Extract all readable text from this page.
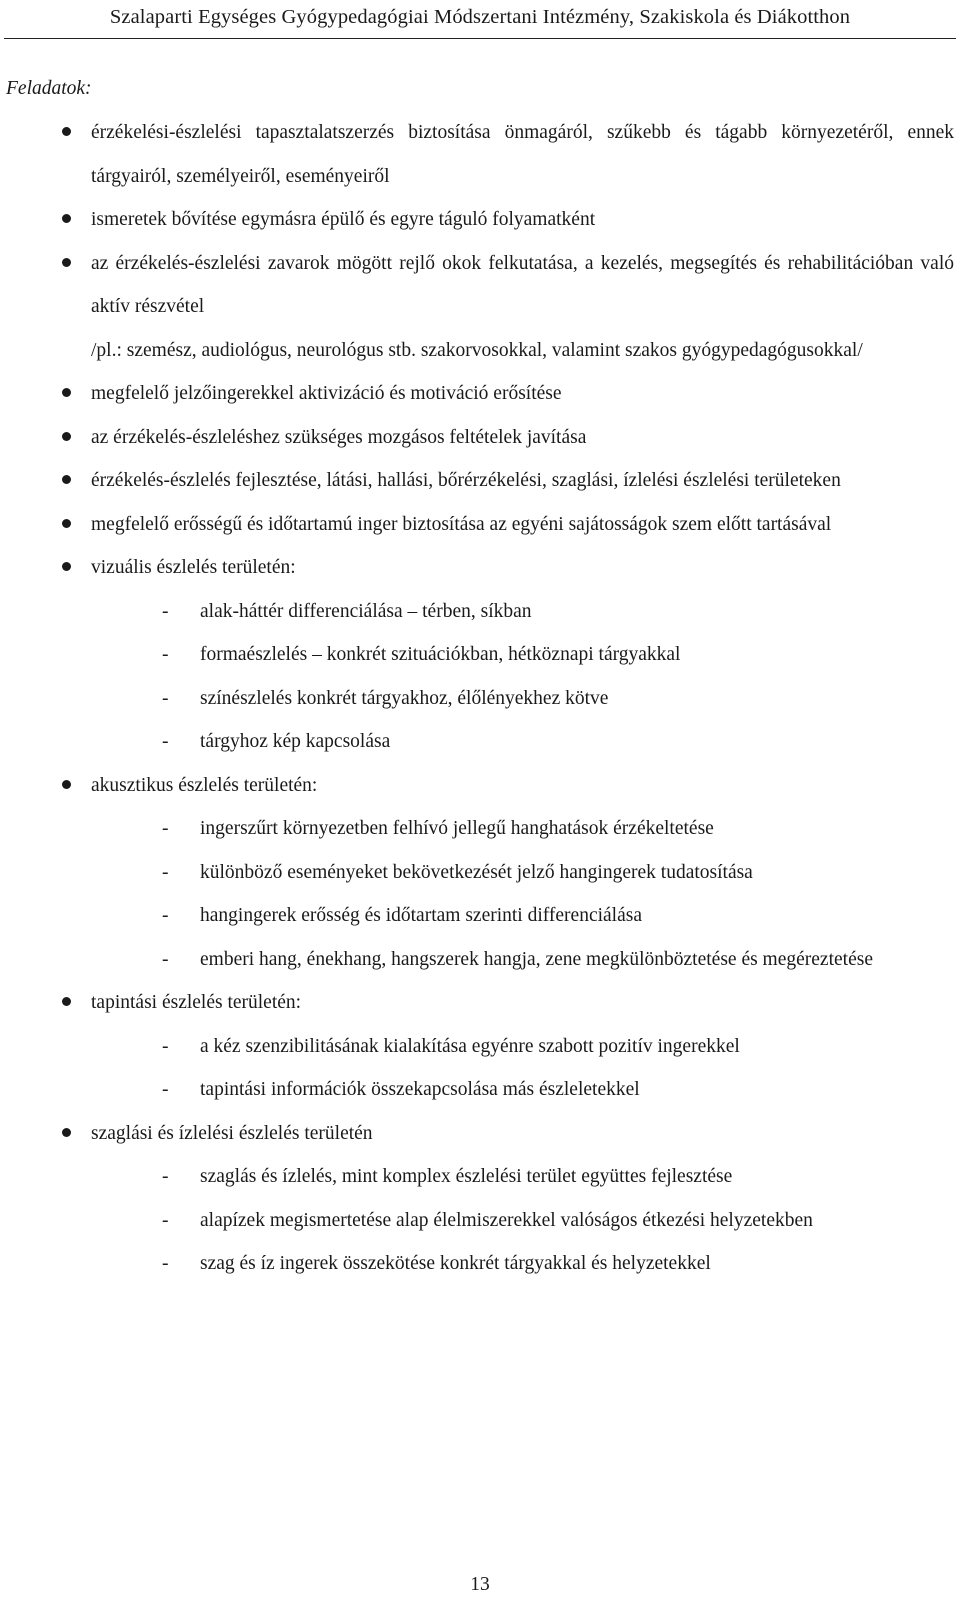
Szalaparti Egységes Gyógypedagógiai Módszertani Intézmény, Szakiskola és Diákotthon
Feladatok:
érzékelési-észlelési tapasztalatszerzés biztosítása önmagáról, szűkebb és tágabb környezetéről, ennek tárgyairól, személyeiről, eseményeiről
ismeretek bővítése egymásra épülő és egyre táguló folyamatként
az érzékelés-észlelési zavarok mögött rejlő okok felkutatása, a kezelés, megsegítés és rehabilitációban való aktív részvétel
/pl.: szemész, audiológus, neurológus stb. szakorvosokkal, valamint szakos gyógypedagógusokkal/
megfelelő jelzőingerekkel aktivizáció és motiváció erősítése
az érzékelés-észleléshez szükséges mozgásos feltételek javítása
érzékelés-észlelés fejlesztése, látási, hallási, bőrérzékelési, szaglási, ízlelési észlelési területeken
megfelelő erősségű és időtartamú inger biztosítása az egyéni sajátosságok szem előtt tartásával
vizuális észlelés területén:
- alak-háttér differenciálása – térben, síkban
- formaészlelés – konkrét szituációkban, hétköznapi tárgyakkal
- színészlelés konkrét tárgyakhoz, élőlényekhez kötve
- tárgyhoz kép kapcsolása
akusztikus észlelés területén:
- ingerszűrt környezetben felhívó jellegű hanghatások érzékeltetése
- különböző eseményeket bekövetkezését jelző hangingerek tudatosítása
- hangingerek erősség és időtartam szerinti differenciálása
- emberi hang, énekhang, hangszerek hangja, zene megkülönböztetése és megéreztetése
tapintási észlelés területén:
- a kéz szenzibilitásának kialakítása egyénre szabott pozitív ingerekkel
- tapintási információk összekapcsolása más észleletekkel
szaglási és ízlelési észlelés területén
- szaglás és ízlelés, mint komplex észlelési terület együttes fejlesztése
- alapízek megismertetése alap élelmiszerekkel valóságos étkezési helyzetekben
- szag és íz ingerek összekötése konkrét tárgyakkal és helyzetekkel
13
